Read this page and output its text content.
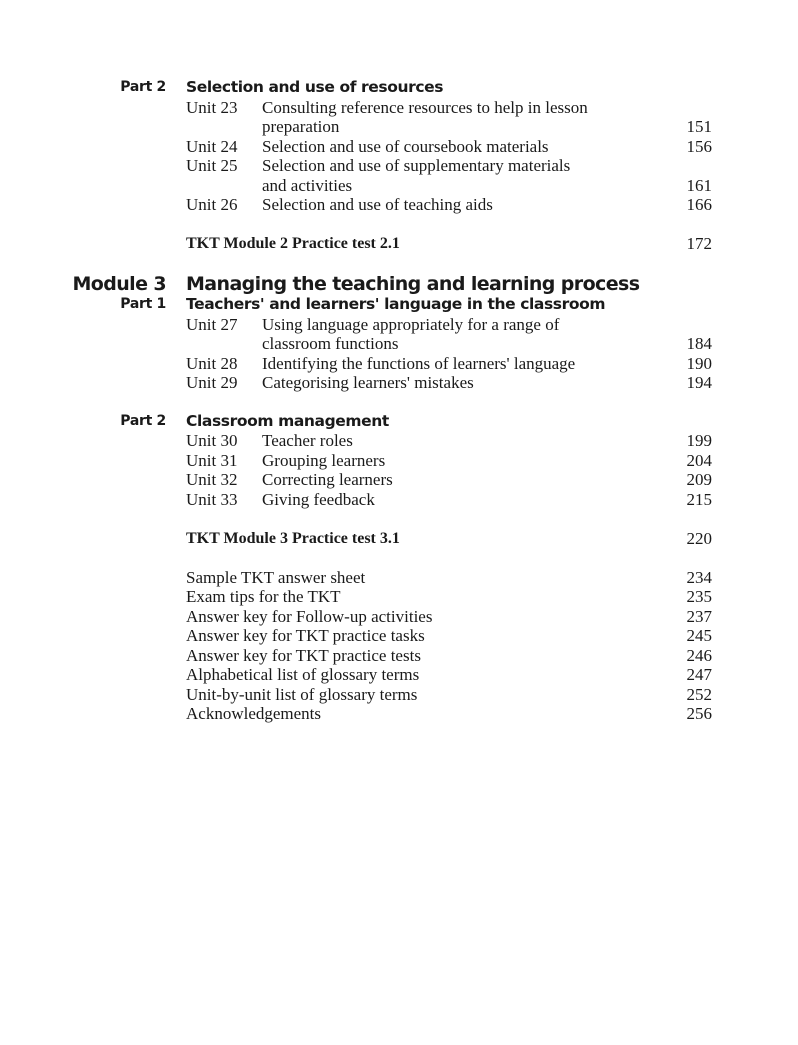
Part 2 Selection and use of resources
Unit 23 Consulting reference resources to help in lesson
preparation	151
Unit 24 Selection and use of coursebook materials	156
Unit 25 Selection and use of supplementary materials
and activities	161
Unit 26 Selection and use of teaching aids	166
TKT Module 2 Practice test 2.1	172
Module 3 Managing the teaching and learning process
Part 1 Teachers' and learners' language in the classroom
Unit 27 Using language appropriately for a range of
classroom functions	184
Unit 28 Identifying the functions of learners' language	190
Unit 29 Categorising learners' mistakes	194
Part 2 Classroom management
Unit 30 Teacher roles	199
Unit 31 Grouping learners	204
Unit 32 Correcting learners	209
Unit 33 Giving feedback	215
TKT Module 3 Practice test 3.1	220
Sample TKT answer sheet	234
Exam tips for the TKT	235
Answer key for Follow-up activities	237
Answer key for TKT practice tasks	245
Answer key for TKT practice tests	246
Alphabetical list of glossary terms	247
Unit-by-unit list of glossary terms	252
Acknowledgements	256
